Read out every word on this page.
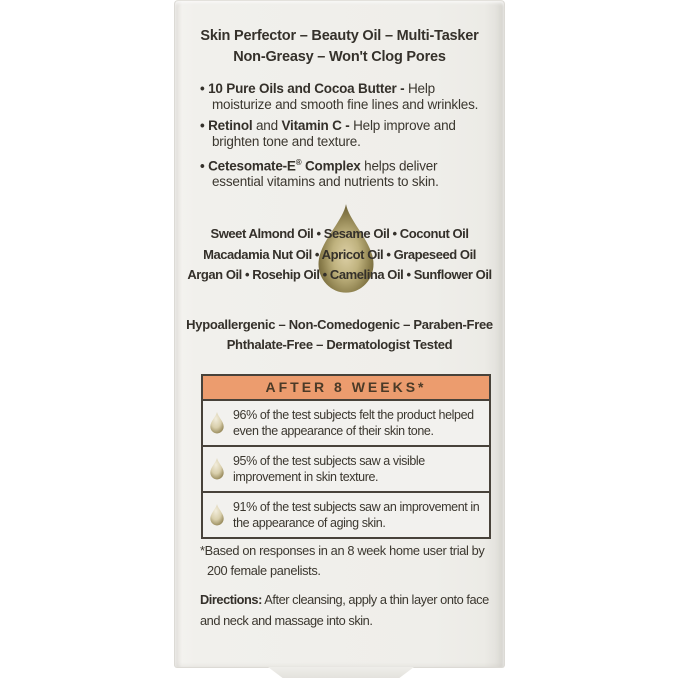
Skin Perfector – Beauty Oil – Multi-Tasker
Non-Greasy – Won't Clog Pores
• 10 Pure Oils and Cocoa Butter - Help moisturize and smooth fine lines and wrinkles.
• Retinol and Vitamin C - Help improve and brighten tone and texture.
• Cetesomate-E® Complex helps deliver essential vitamins and nutrients to skin.
Sweet Almond Oil • Sesame Oil • Coconut Oil
Macadamia Nut Oil • Apricot Oil • Grapeseed Oil
Argan Oil • Rosehip Oil • Camelina Oil • Sunflower Oil
Hypoallergenic – Non-Comedogenic – Paraben-Free
Phthalate-Free – Dermatologist Tested
AFTER 8 WEEKS*
96% of the test subjects felt the product helped even the appearance of their skin tone.
95% of the test subjects saw a visible improvement in skin texture.
91% of the test subjects saw an improvement in the appearance of aging skin.
*Based on responses in an 8 week home user trial by 200 female panelists.
Directions: After cleansing, apply a thin layer onto face and neck and massage into skin.
